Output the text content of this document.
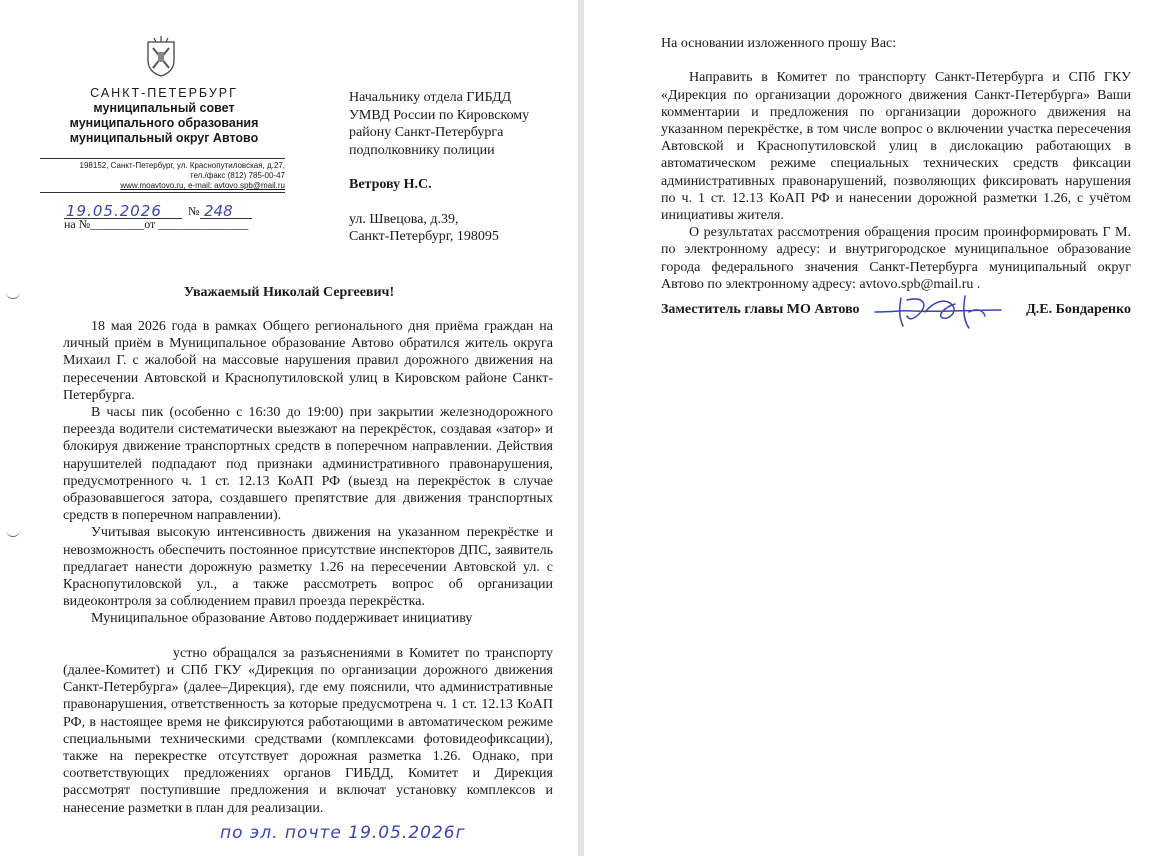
САНКТ-ПЕТЕРБУРГ
муниципальный совет
муниципального образования
муниципальный округ Автово
198152, Санкт-Петербург, ул. Краснопутиловская, д.27,
тел./факс (812) 785-00-47
www.moavtovo.ru, e-mail: avtovo.spb@mail.ru
19.05.2026 № 248
на №_________от _______________
Начальнику отдела ГИБДД УМВД России по Кировскому району Санкт-Петербурга подполковнику полиции
Ветрову Н.С.
ул. Швецова, д.39,
Санкт-Петербург, 198095
Уважаемый Николай Сергеевич!

18 мая 2026 года в рамках Общего регионального дня приёма граждан на личный приём в Муниципальное образование Автово обратился житель округа Михаил Г. с жалобой на массовые нарушения правил дорожного движения на пересечении Автовской и Краснопутиловской улиц в Кировском районе Санкт-Петербурга.

В часы пик (особенно с 16:30 до 19:00) при закрытии железнодорожного переезда водители систематически выезжают на перекрёсток, создавая «затор» и блокируя движение транспортных средств в поперечном направлении. Действия нарушителей подпадают под признаки административного правонарушения, предусмотренного ч. 1 ст. 12.13 КоАП РФ (выезд на перекрёсток в случае образовавшегося затора, создавшего препятствие для движения транспортных средств в поперечном направлении).

Учитывая высокую интенсивность движения на указанном перекрёстке и невозможность обеспечить постоянное присутствие инспекторов ДПС, заявитель предлагает нанести дорожную разметку 1.26 на пересечении Автовской ул. с Краснопутиловской ул., а также рассмотреть вопрос об организации видеоконтроля за соблюдением правил проезда перекрёстка.

Муниципальное образование Автово поддерживает инициативу

устно обращался за разъяснениями в Комитет по транспорту (далее-Комитет) и СПб ГКУ «Дирекция по организации дорожного движения Санкт-Петербурга» (далее–Дирекция), где ему пояснили, что административные правонарушения, ответственность за которые предусмотрена ч. 1 ст. 12.13 КоАП РФ, в настоящее время не фиксируются работающими в автоматическом режиме специальными техническими средствами (комплексами фотовидеофиксации), также на перекрестке отсутствует дорожная разметка 1.26. Однако, при соответствующих предложениях органов ГИБДД, Комитет и Дирекция рассмотрят поступившие предложения и включат установку комплексов и нанесение разметки в план для реализации.

по эл. почте 19.05.2026г

На основании изложенного прошу Вас:

Направить в Комитет по транспорту Санкт-Петербурга и СПб ГКУ «Дирекция по организации дорожного движения Санкт-Петербурга» Ваши комментарии и предложения по организации дорожного движения на указанном перекрёстке, в том числе вопрос о включении участка пересечения Автовской и Краснопутиловской улиц в дислокацию работающих в автоматическом режиме специальных технических средств фиксации административных правонарушений, позволяющих фиксировать нарушения по ч. 1 ст. 12.13 КоАП РФ и нанесении дорожной разметки 1.26, с учётом инициативы жителя.

О результатах рассмотрения обращения просим проинформировать Г М. по электронному адресу: и внутригородское муниципальное образование города федерального значения Санкт-Петербурга муниципальный округ Автово по электронному адресу: avtovo.spb@mail.ru .

Заместитель главы МО Автово	Д.Е. Бондаренко
